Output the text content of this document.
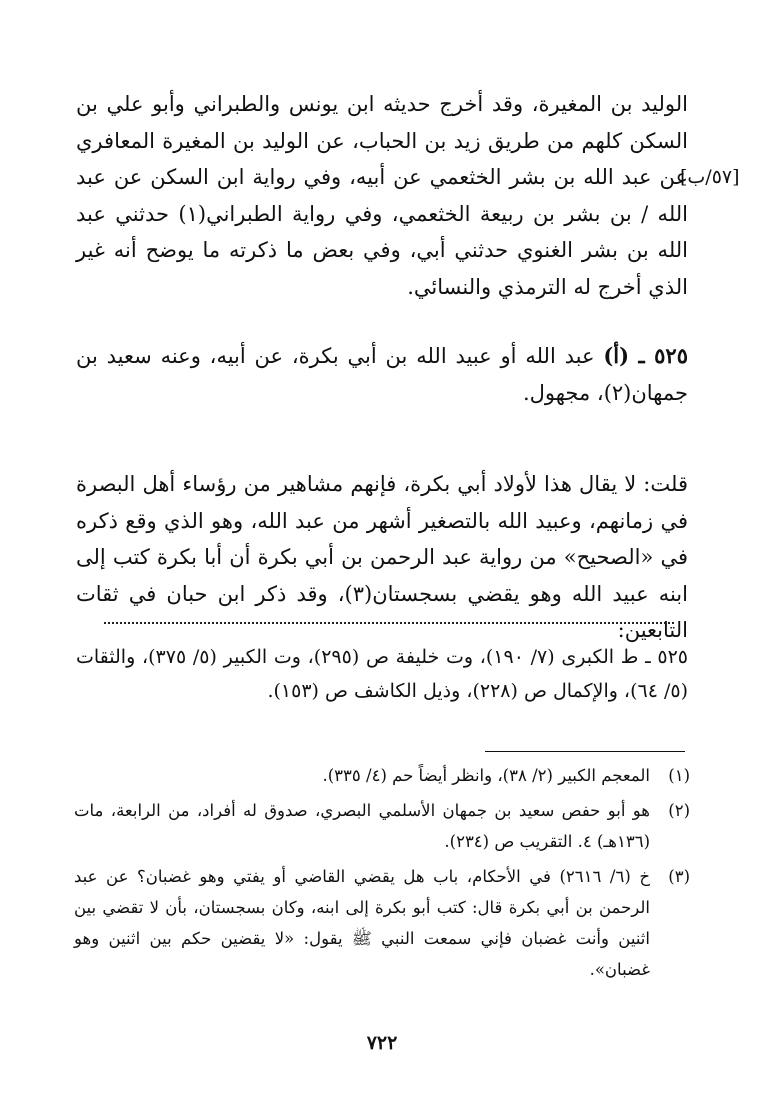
[٥٧/ب]

الوليد بن المغيرة، وقد أخرج حديثه ابن يونس والطبراني وأبو علي بن السكن كلهم من طريق زيد بن الحباب، عن الوليد بن المغيرة المعافري عن عبد الله بن بشر الخثعمي عن أبيه، وفي رواية ابن السكن عن عبد الله / بن بشر بن ربيعة الخثعمي، وفي رواية الطبراني(١) حدثني عبد الله بن بشر الغنوي حدثني أبي، وفي بعض ما ذكرته ما يوضح أنه غير الذي أخرج له الترمذي والنسائي.

٥٢٥ ـ (أ) عبد الله أو عبيد الله بن أبي بكرة، عن أبيه، وعنه سعيد بن جمهان(٢)، مجهول.

قلت: لا يقال هذا لأولاد أبي بكرة، فإنهم مشاهير من رؤساء أهل البصرة في زمانهم، وعبيد الله بالتصغير أشهر من عبد الله، وهو الذي وقع ذكره في «الصحيح» من رواية عبد الرحمن بن أبي بكرة أن أبا بكرة كتب إلى ابنه عبيد الله وهو يقضي بسجستان(٣)، وقد ذكر ابن حبان في ثقات التابعين:

٥٢٥ ـ ط الكبرى (٧/ ١٩٠)، وت خليفة ص (٢٩٥)، وت الكبير (٥/ ٣٧٥)، والثقات (٥/ ٦٤)، والإكمال ص (٢٢٨)، وذيل الكاشف ص (١٥٣).

(١)
المعجم الكبير (٢/ ٣٨)، وانظر أيضاً حم (٤/ ٣٣٥).

(٢)
هو أبو حفص سعيد بن جمهان الأسلمي البصري، صدوق له أفراد، من الرابعة، مات (١٣٦هـ) ٤. التقريب ص (٢٣٤).

(٣)
خ (٦/ ٢٦١٦) في الأحكام، باب هل يقضي القاضي أو يفتي وهو غضبان؟ عن عبد الرحمن بن أبي بكرة قال: كتب أبو بكرة إلى ابنه، وكان بسجستان، بأن لا تقضي بين اثنين وأنت غضبان فإني سمعت النبي ﷺ يقول: «لا يقضين حكم بين اثنين وهو غضبان».

٧٢٢
